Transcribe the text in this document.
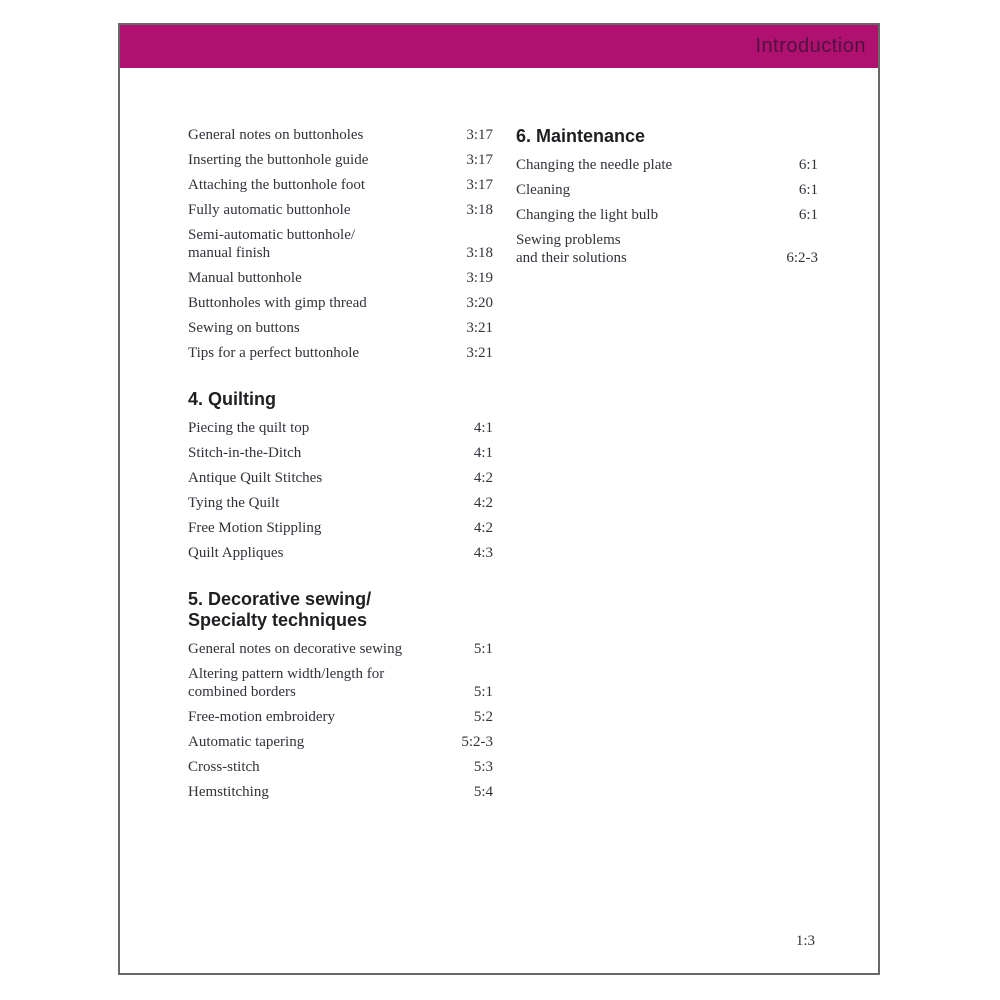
Introduction
General notes on buttonholes	3:17
Inserting the buttonhole guide	3:17
Attaching the buttonhole foot	3:17
Fully automatic buttonhole	3:18
Semi-automatic buttonhole/
manual finish	3:18
Manual buttonhole	3:19
Buttonholes with gimp thread	3:20
Sewing on buttons	3:21
Tips for a perfect buttonhole	3:21
4. Quilting
Piecing the quilt top	4:1
Stitch-in-the-Ditch	4:1
Antique Quilt Stitches	4:2
Tying the Quilt	4:2
Free Motion Stippling	4:2
Quilt Appliques	4:3
5. Decorative sewing/
Specialty techniques
General notes on decorative sewing	5:1
Altering pattern width/length for
combined borders	5:1
Free-motion embroidery	5:2
Automatic tapering	5:2-3
Cross-stitch	5:3
Hemstitching	5:4
6. Maintenance
Changing the needle plate	6:1
Cleaning	6:1
Changing the light bulb	6:1
Sewing problems
and their solutions	6:2-3
1:3
